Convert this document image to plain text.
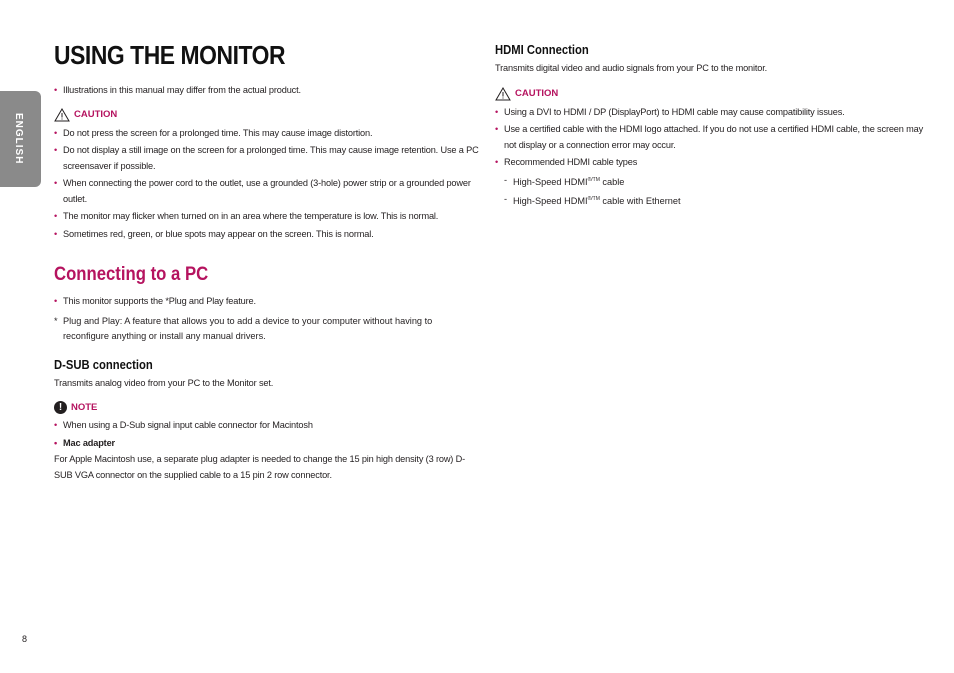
ENGLISH
8
USING THE MONITOR
• Illustrations in this manual may differ from the actual product.
CAUTION
• Do not press the screen for a prolonged time. This may cause image distortion.
• Do not display a still image on the screen for a prolonged time. This may cause image retention. Use a PC screensaver if possible.
• When connecting the power cord to the outlet, use a grounded (3-hole) power strip or a grounded power outlet.
• The monitor may flicker when turned on in an area where the temperature is low. This is normal.
• Sometimes red, green, or blue spots may appear on the screen. This is normal.
Connecting to a PC
• This monitor supports the *Plug and Play feature.
* Plug and Play: A feature that allows you to add a device to your computer without having to reconfigure anything or install any manual drivers.
D-SUB connection
Transmits analog video from your PC to the Monitor set.
! NOTE
• When using a D-Sub signal input cable connector for Macintosh
• Mac adapter
For Apple Macintosh use, a separate plug adapter is needed to change the 15 pin high density (3 row) D-SUB VGA connector on the supplied cable to a 15 pin 2 row connector.
HDMI Connection
Transmits digital video and audio signals from your PC to the monitor.
CAUTION
• Using a DVI to HDMI / DP (DisplayPort) to HDMI cable may cause compatibility issues.
• Use a certified cable with the HDMI logo attached. If you do not use a certified HDMI cable, the screen may not display or a connection error may occur.
• Recommended HDMI cable types
- High-Speed $HDMI^{®/TM}$ cable
- High-Speed $HDMI^{®/TM}$ cable with Ethernet
